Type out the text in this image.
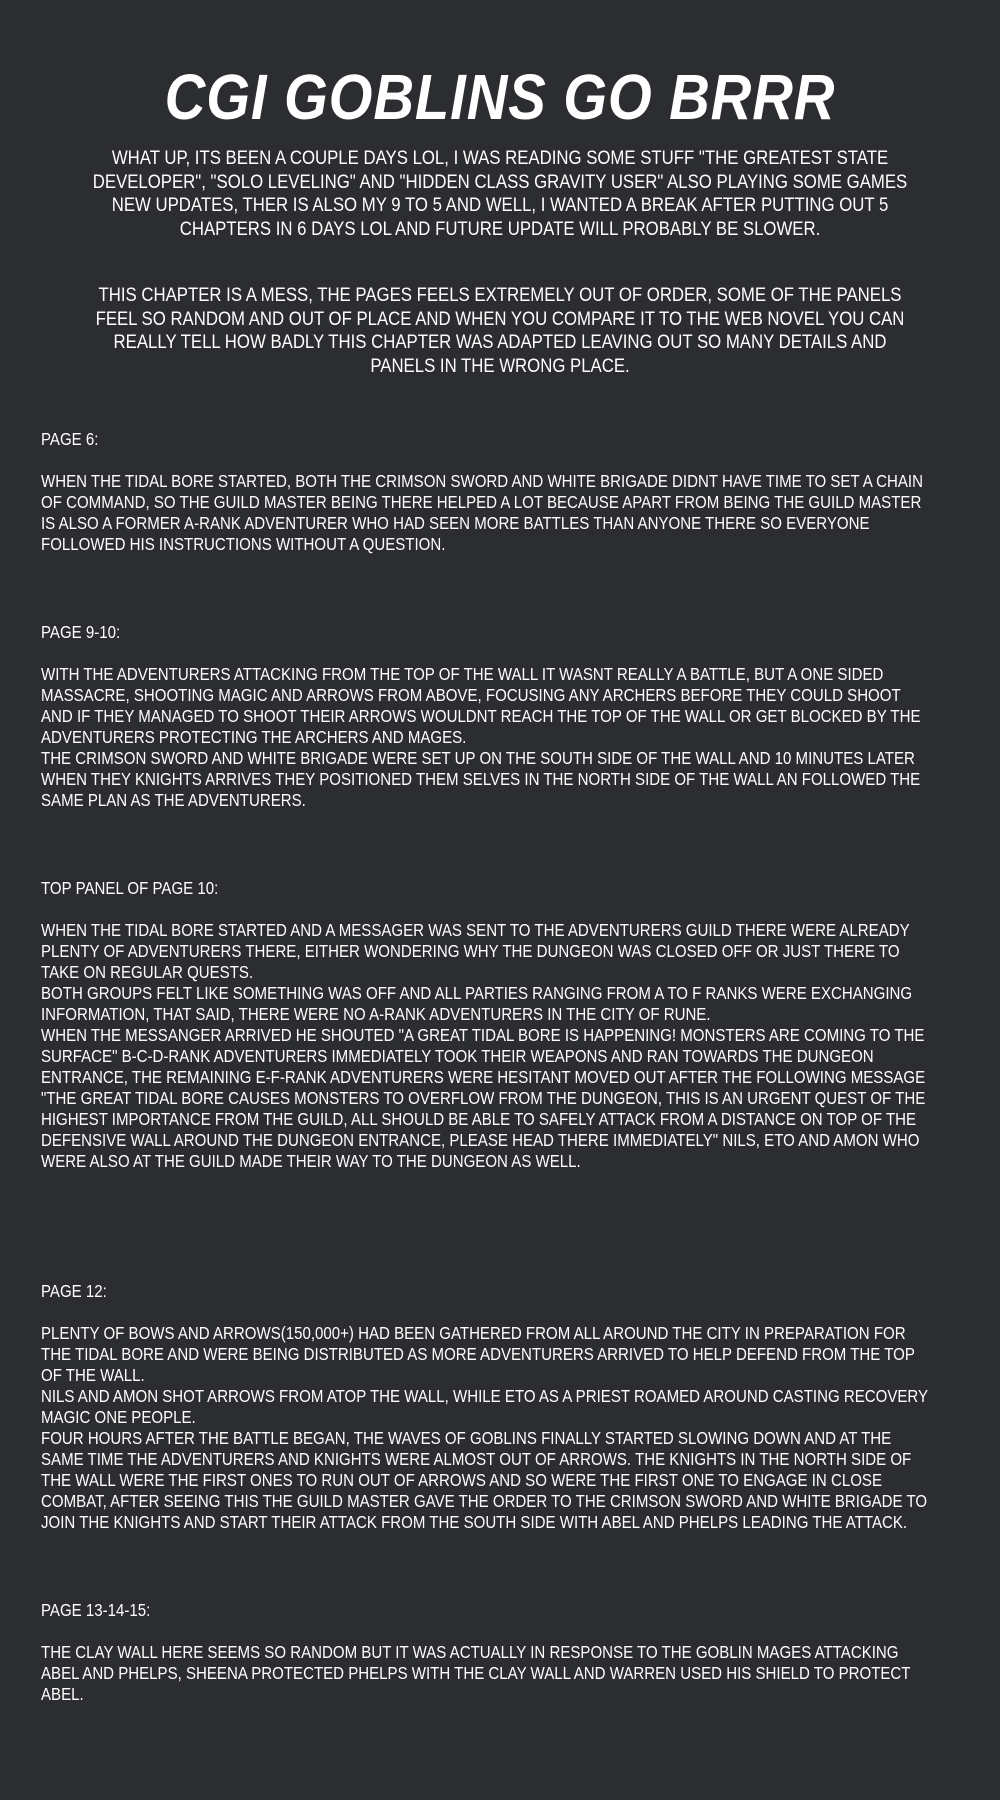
CGI GOBLINS GO BRRR

WHAT UP, ITS BEEN A COUPLE DAYS LOL, I WAS READING SOME STUFF "THE GREATEST STATE DEVELOPER", "SOLO LEVELING" AND "HIDDEN CLASS GRAVITY USER" ALSO PLAYING SOME GAMES NEW UPDATES, THER IS ALSO MY 9 TO 5 AND WELL, I WANTED A BREAK AFTER PUTTING OUT 5 CHAPTERS IN 6 DAYS LOL AND FUTURE UPDATE WILL PROBABLY BE SLOWER.

THIS CHAPTER IS A MESS, THE PAGES FEELS EXTREMELY OUT OF ORDER, SOME OF THE PANELS FEEL SO RANDOM AND OUT OF PLACE AND WHEN YOU COMPARE IT TO THE WEB NOVEL YOU CAN REALLY TELL HOW BADLY THIS CHAPTER WAS ADAPTED LEAVING OUT SO MANY DETAILS AND PANELS IN THE WRONG PLACE.

PAGE 6:

WHEN THE TIDAL BORE STARTED, BOTH THE CRIMSON SWORD AND WHITE BRIGADE DIDNT HAVE TIME TO SET A CHAIN OF COMMAND, SO THE GUILD MASTER BEING THERE HELPED A LOT BECAUSE APART FROM BEING THE GUILD MASTER IS ALSO A FORMER A-RANK ADVENTURER WHO HAD SEEN MORE BATTLES THAN ANYONE THERE SO EVERYONE FOLLOWED HIS INSTRUCTIONS WITHOUT A QUESTION.

PAGE 9-10:

WITH THE ADVENTURERS ATTACKING FROM THE TOP OF THE WALL IT WASNT REALLY A BATTLE, BUT A ONE SIDED MASSACRE, SHOOTING MAGIC AND ARROWS FROM ABOVE, FOCUSING ANY ARCHERS BEFORE THEY COULD SHOOT AND IF THEY MANAGED TO SHOOT THEIR ARROWS WOULDNT REACH THE TOP OF THE WALL OR GET BLOCKED BY THE ADVENTURERS PROTECTING THE ARCHERS AND MAGES.
THE CRIMSON SWORD AND WHITE BRIGADE WERE SET UP ON THE SOUTH SIDE OF THE WALL AND 10 MINUTES LATER WHEN THEY KNIGHTS ARRIVES THEY POSITIONED THEM SELVES IN THE NORTH SIDE OF THE WALL AN FOLLOWED THE SAME PLAN AS THE ADVENTURERS.

TOP PANEL OF PAGE 10:

WHEN THE TIDAL BORE STARTED AND A MESSAGER WAS SENT TO THE ADVENTURERS GUILD THERE WERE ALREADY PLENTY OF ADVENTURERS THERE, EITHER WONDERING WHY THE DUNGEON WAS CLOSED OFF OR JUST THERE TO TAKE ON REGULAR QUESTS.
BOTH GROUPS FELT LIKE SOMETHING WAS OFF AND ALL PARTIES RANGING FROM A TO F RANKS WERE EXCHANGING INFORMATION, THAT SAID, THERE WERE NO A-RANK ADVENTURERS IN THE CITY OF RUNE.
WHEN THE MESSANGER ARRIVED HE SHOUTED "A GREAT TIDAL BORE IS HAPPENING! MONSTERS ARE COMING TO THE SURFACE" B-C-D-RANK ADVENTURERS IMMEDIATELY TOOK THEIR WEAPONS AND RAN TOWARDS THE DUNGEON ENTRANCE, THE REMAINING E-F-RANK ADVENTURERS WERE HESITANT MOVED OUT AFTER THE FOLLOWING MESSAGE "THE GREAT TIDAL BORE CAUSES MONSTERS TO OVERFLOW FROM THE DUNGEON, THIS IS AN URGENT QUEST OF THE HIGHEST IMPORTANCE FROM THE GUILD, ALL SHOULD BE ABLE TO SAFELY ATTACK FROM A DISTANCE ON TOP OF THE DEFENSIVE WALL AROUND THE DUNGEON ENTRANCE, PLEASE HEAD THERE IMMEDIATELY" NILS, ETO AND AMON WHO WERE ALSO AT THE GUILD MADE THEIR WAY TO THE DUNGEON AS WELL.

PAGE 12:

PLENTY OF BOWS AND ARROWS(150,000+) HAD BEEN GATHERED FROM ALL AROUND THE CITY IN PREPARATION FOR THE TIDAL BORE AND WERE BEING DISTRIBUTED AS MORE ADVENTURERS ARRIVED TO HELP DEFEND FROM THE TOP OF THE WALL.
NILS AND AMON SHOT ARROWS FROM ATOP THE WALL, WHILE ETO AS A PRIEST ROAMED AROUND CASTING RECOVERY MAGIC ONE PEOPLE.
FOUR HOURS AFTER THE BATTLE BEGAN, THE WAVES OF GOBLINS FINALLY STARTED SLOWING DOWN AND AT THE SAME TIME THE ADVENTURERS AND KNIGHTS WERE ALMOST OUT OF ARROWS. THE KNIGHTS IN THE NORTH SIDE OF THE WALL WERE THE FIRST ONES TO RUN OUT OF ARROWS AND SO WERE THE FIRST ONE TO ENGAGE IN CLOSE COMBAT, AFTER SEEING THIS THE GUILD MASTER GAVE THE ORDER TO THE CRIMSON SWORD AND WHITE BRIGADE TO JOIN THE KNIGHTS AND START THEIR ATTACK FROM THE SOUTH SIDE WITH ABEL AND PHELPS LEADING THE ATTACK.

PAGE 13-14-15:

THE CLAY WALL HERE SEEMS SO RANDOM BUT IT WAS ACTUALLY IN RESPONSE TO THE GOBLIN MAGES ATTACKING ABEL AND PHELPS, SHEENA PROTECTED PHELPS WITH THE CLAY WALL AND WARREN USED HIS SHIELD TO PROTECT ABEL.
